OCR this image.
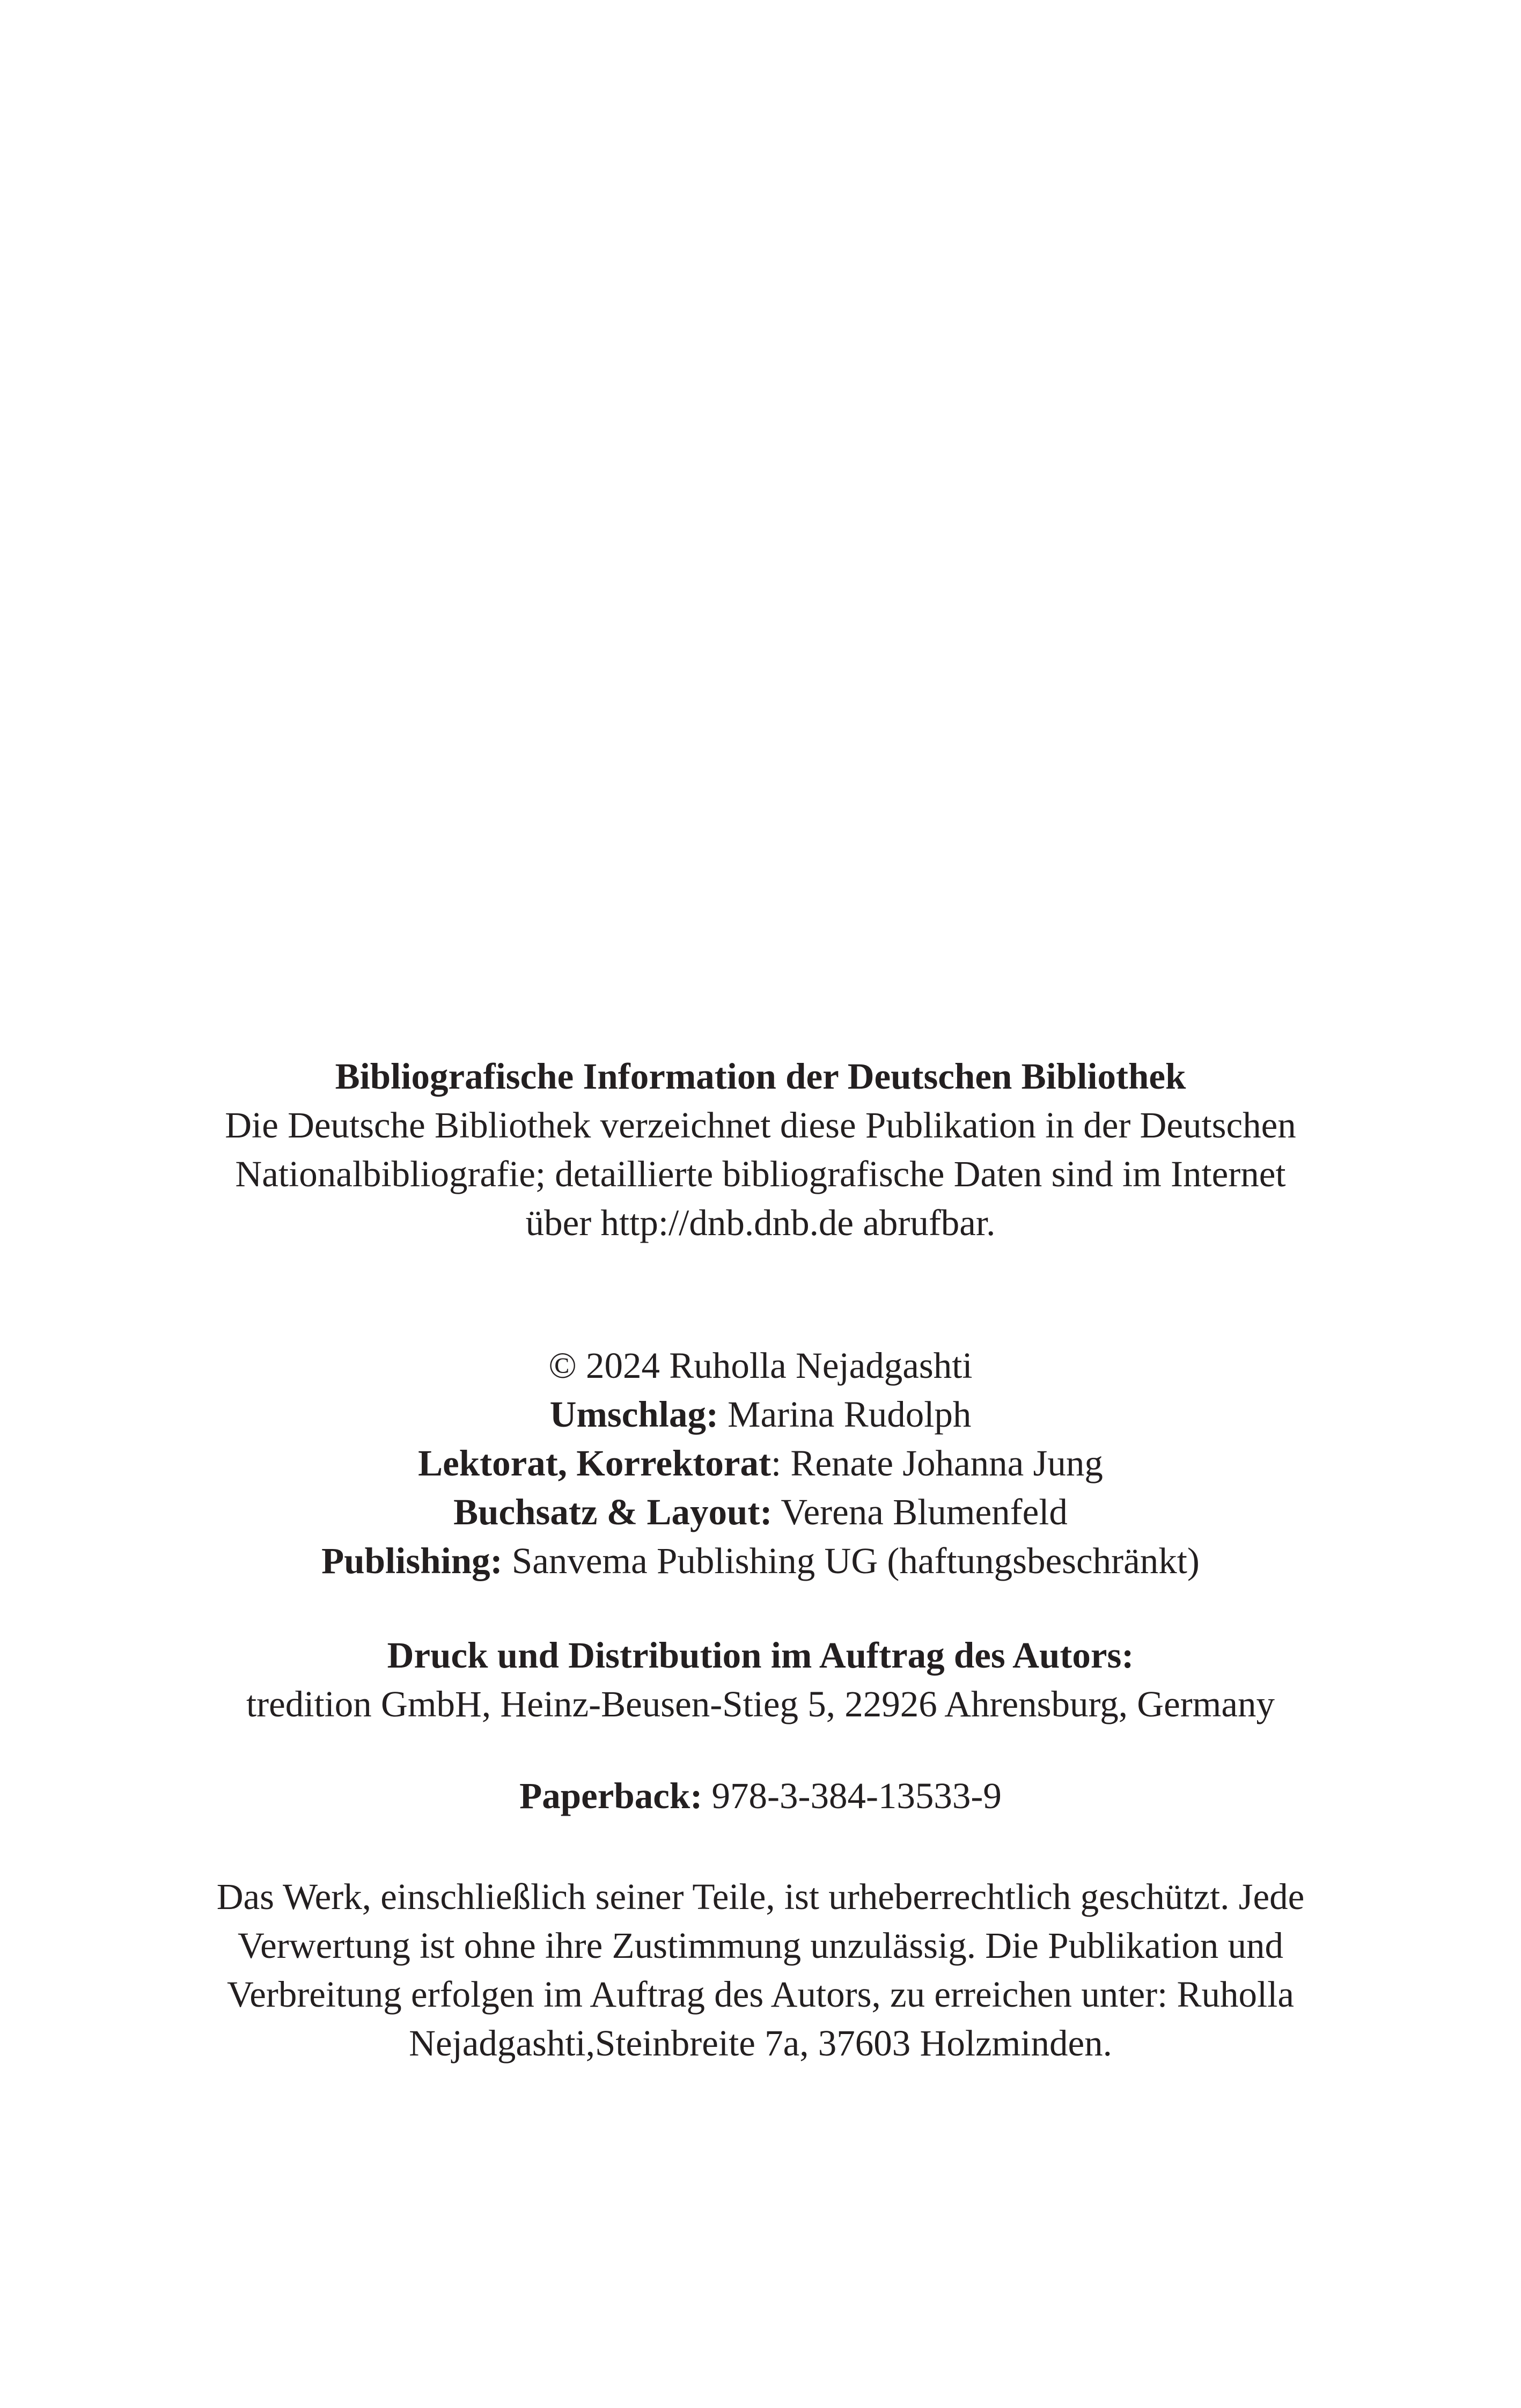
Bibliografische Information der Deutschen Bibliothek
Die Deutsche Bibliothek verzeichnet diese Publikation in der Deutschen
Nationalbibliografie; detaillierte bibliografische Daten sind im Internet
über http://dnb.dnb.de abrufbar.
© 2024 Ruholla Nejadgashti
Umschlag: Marina Rudolph
Lektorat, Korrektorat: Renate Johanna Jung
Buchsatz & Layout: Verena Blumenfeld
Publishing: Sanvema Publishing UG (haftungsbeschränkt)
Druck und Distribution im Auftrag des Autors:
tredition GmbH, Heinz-Beusen-Stieg 5, 22926 Ahrensburg, Germany
Paperback: 978-3-384-13533-9
Das Werk, einschließlich seiner Teile, ist urheberrechtlich geschützt. Jede
Verwertung ist ohne ihre Zustimmung unzulässig. Die Publikation und
Verbreitung erfolgen im Auftrag des Autors, zu erreichen unter: Ruholla
Nejadgashti,Steinbreite 7a, 37603 Holzminden.
